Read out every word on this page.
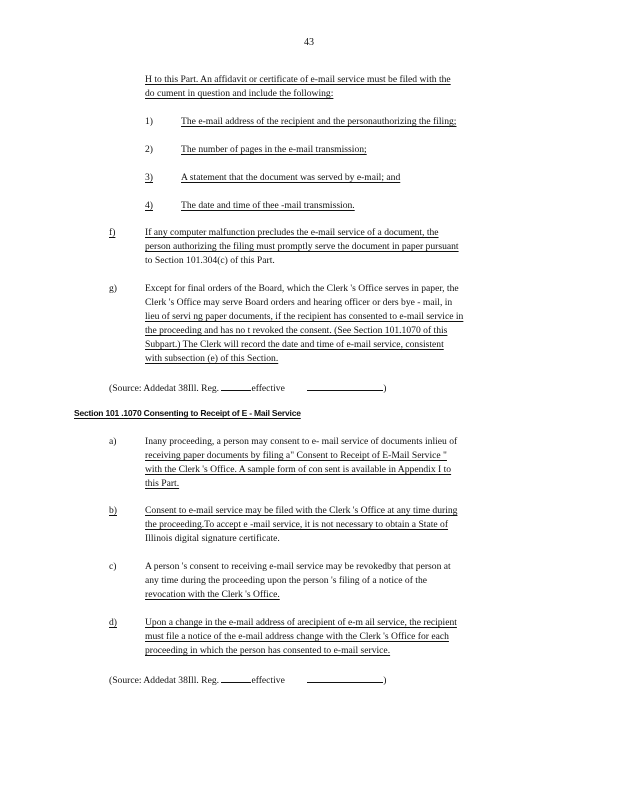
43
H to this Part. An affidavit or certificate of e-mail service must be filed with the
do cument in question and include the following:
1)	The e-mail address of the recipient and the personauthorizing the filing;
2)	The number of pages in the e-mail transmission;
3)	A statement that the document was served by e-mail; and
4)	The date and time of thee -mail transmission.
f)	If any computer malfunction precludes the e-mail service of a document, the
person authorizing the filing must promptly serve the document in paper pursuant
to Section 101.304(c) of this Part.
g)	Except for final orders of the Board, which the Clerk 's Office serves in paper, the
Clerk 's Office may serve Board orders and hearing officer or ders bye - mail, in
lieu of servi ng paper documents, if the recipient has consented to e-mail service in
the proceeding and has no t revoked the consent. (See Section 101.1070 of this
Subpart.) The Clerk will record the date and time of e-mail service, consistent
with subsection (e) of this Section.
(Source: Addedat 38Ill. Reg.	effective	)
Section 101 .1070 Consenting to Receipt of E - Mail Service
a)	Inany proceeding, a person may consent to e- mail service of documents inlieu of
receiving paper documents by filing a" Consent to Receipt of E-Mail Service "
with the Clerk 's Office. A sample form of con sent is available in Appendix I to
this Part.
b)	Consent to e-mail service may be filed with the Clerk 's Office at any time during
the proceeding.To accept e -mail service, it is not necessary to obtain a State of
Illinois digital signature certificate.
c)	A person 's consent to receiving e-mail service may be revokedby that person at
any time during the proceeding upon the person 's filing of a notice of the
revocation with the Clerk 's Office.
d)	Upon a change in the e-mail address of arecipient of e-m ail service, the recipient
must file a notice of the e-mail address change with the Clerk 's Office for each
proceeding in which the person has consented to e-mail service.
(Source: Addedat 38Ill. Reg.	effective	)
